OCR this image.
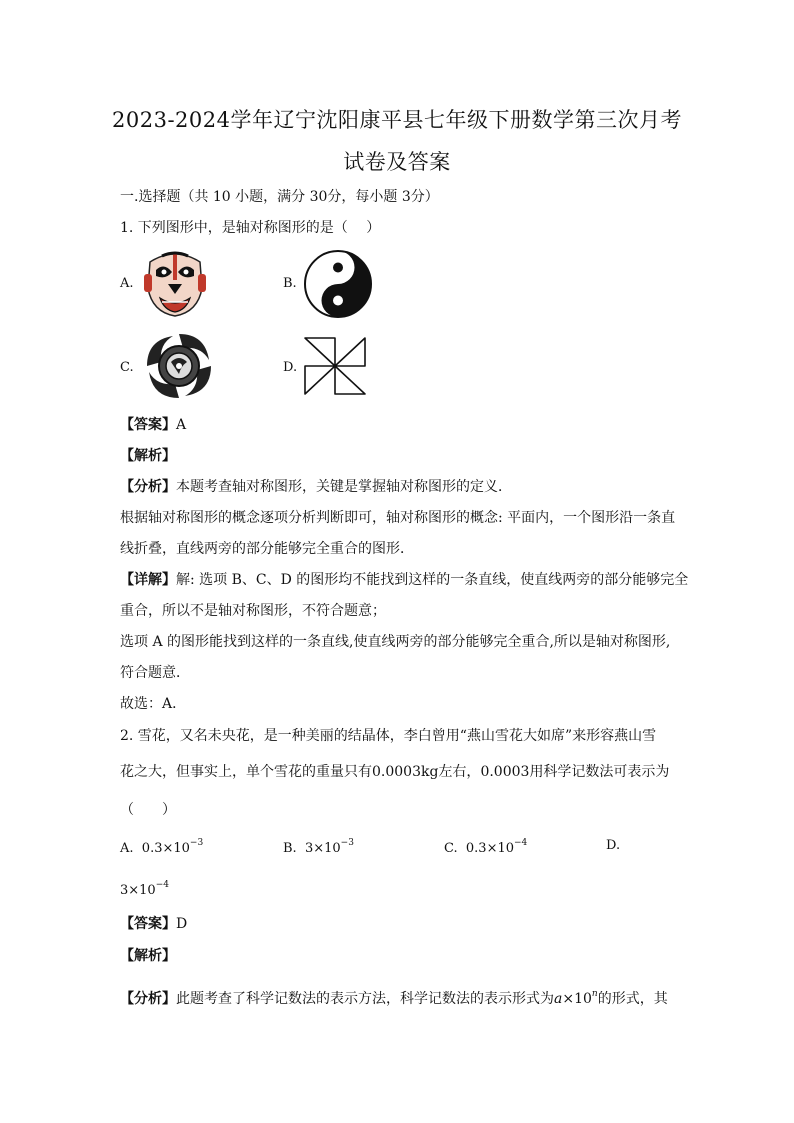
2023-2024学年辽宁沈阳康平县七年级下册数学第三次月考
试卷及答案
一.选择题（共 10 小题，满分 30分，每小题 3分）
1. 下列图形中，是轴对称图形的是（　 ）
A.	B.
C.	D.
【答案】A
【解析】
【分析】本题考查轴对称图形，关键是掌握轴对称图形的定义．
根据轴对称图形的概念逐项分析判断即可，轴对称图形的概念: 平面内，一个图形沿一条直
线折叠，直线两旁的部分能够完全重合的图形．
【详解】解: 选项 B、C、D 的图形均不能找到这样的一条直线，使直线两旁的部分能够完全
重合，所以不是轴对称图形，不符合题意；
选项 A 的图形能找到这样的一条直线,使直线两旁的部分能够完全重合,所以是轴对称图形,
符合题意．
故选：A．
2. 雪花，又名未央花，是一种美丽的结晶体，李白曾用“燕山雪花大如席”来形容燕山雪
花之大，但事实上，单个雪花的重量只有0.0003kg左右，0.0003用科学记数法可表示为
（　　）
A. $0.3\times 10^{-3}$	B. $3\times 10^{-3}$	C. $0.3\times 10^{-4}$	D.
$3\times 10^{-4}$
【答案】D
【解析】
【分析】此题考查了科学记数法的表示方法，科学记数法的表示形式为$a\times 10^n$的形式，其
